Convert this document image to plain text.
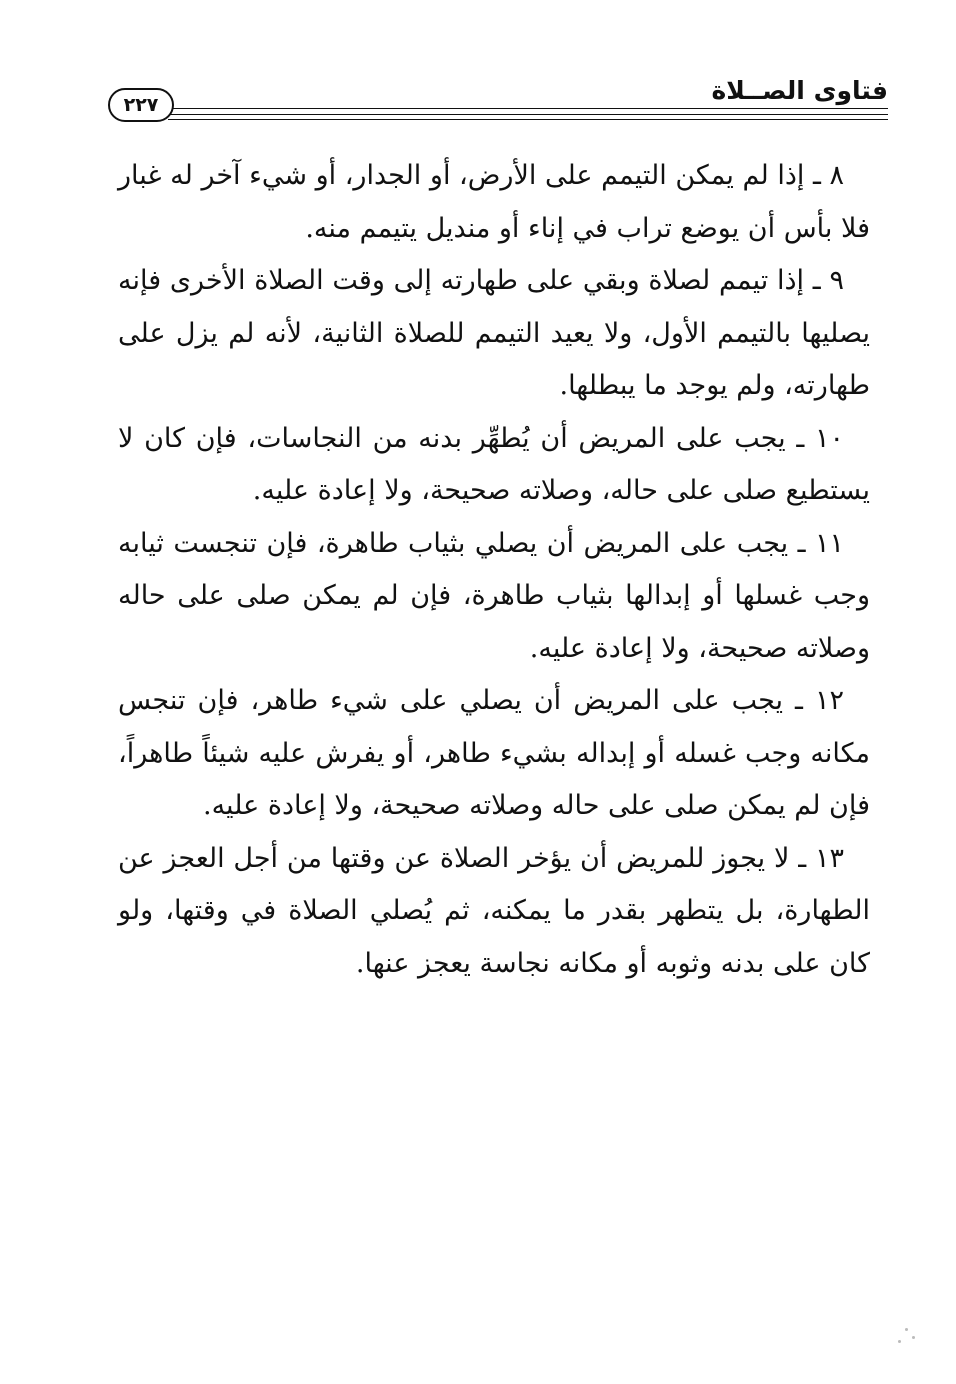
٢٢٧	فتاوى الصــلاة

٨ ـ إذا لم يمكن التيمم على الأرض، أو الجدار، أو شيء آخر له غبار فلا بأس أن يوضع تراب في إناء أو منديل يتيمم منه.

٩ ـ إذا تيمم لصلاة وبقي على طهارته إلى وقت الصلاة الأخرى فإنه يصليها بالتيمم الأول، ولا يعيد التيمم للصلاة الثانية، لأنه لم يزل على طهارته، ولم يوجد ما يبطلها.

١٠ ـ يجب على المريض أن يُطهِّر بدنه من النجاسات، فإن كان لا يستطيع صلى على حاله، وصلاته صحيحة، ولا إعادة عليه.

١١ ـ يجب على المريض أن يصلي بثياب طاهرة، فإن تنجست ثيابه وجب غسلها أو إبدالها بثياب طاهرة، فإن لم يمكن صلى على حاله وصلاته صحيحة، ولا إعادة عليه.

١٢ ـ يجب على المريض أن يصلي على شيء طاهر، فإن تنجس مكانه وجب غسله أو إبداله بشيء طاهر، أو يفرش عليه شيئاً طاهراً، فإن لم يمكن صلى على حاله وصلاته صحيحة، ولا إعادة عليه.

١٣ ـ لا يجوز للمريض أن يؤخر الصلاة عن وقتها من أجل العجز عن الطهارة، بل يتطهر بقدر ما يمكنه، ثم يُصلي الصلاة في وقتها، ولو كان على بدنه وثوبه أو مكانه نجاسة يعجز عنها.
